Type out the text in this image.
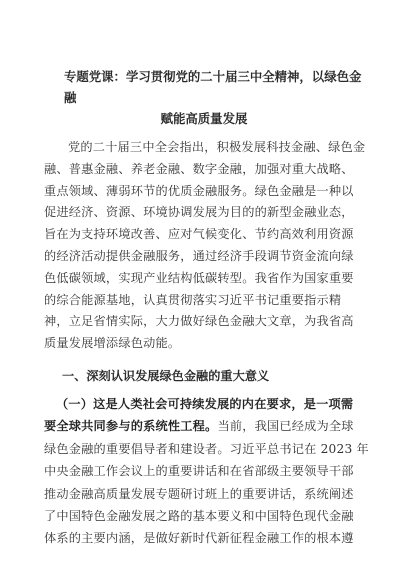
专题党课：学习贯彻党的二十届三中全精神，以绿色金融
赋能高质量发展

党的二十届三中全会指出，积极发展科技金融、绿色金
融、普惠金融、养老金融、数字金融，加强对重大战略、
重点领域、薄弱环节的优质金融服务。绿色金融是一种以
促进经济、资源、环境协调发展为目的的新型金融业态，
旨在为支持环境改善、应对气候变化、节约高效利用资源
的经济活动提供金融服务，通过经济手段调节资金流向绿
色低碳领域，实现产业结构低碳转型。我省作为国家重要
的综合能源基地，认真贯彻落实习近平书记重要指示精
神，立足省情实际，大力做好绿色金融大文章，为我省高
质量发展增添绿色动能。

一、深刻认识发展绿色金融的重大意义

（一）这是人类社会可持续发展的内在要求，是一项需
要全球共同参与的系统性工程。当前，我国已经成为全球
绿色金融的重要倡导者和建设者。习近平总书记在 2023 年
中央金融工作会议上的重要讲话和在省部级主要领导干部
推动金融高质量发展专题研讨班上的重要讲话，系统阐述
了中国特色金融发展之路的基本要义和中国特色现代金融
体系的主要内涵，是做好新时代新征程金融工作的根本遵
